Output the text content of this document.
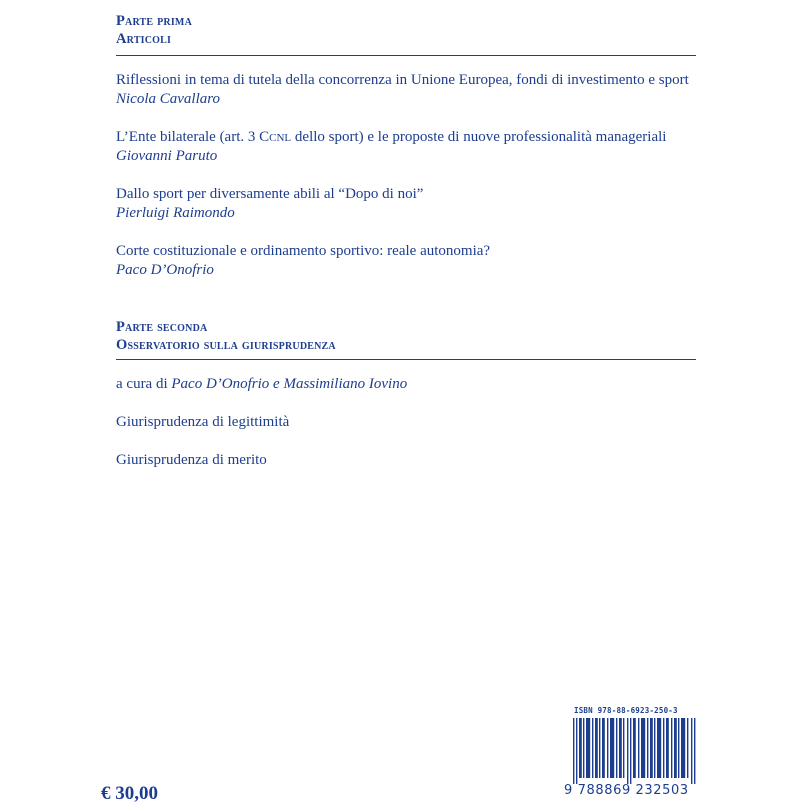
Parte prima
Articoli
Riflessioni in tema di tutela della concorrenza in Unione Europea, fondi di investimento e sport
Nicola Cavallaro
L’Ente bilaterale (art. 3 Ccnl dello sport) e le proposte di nuove professionalità manageriali
Giovanni Paruto
Dallo sport per diversamente abili al “Dopo di noi”
Pierluigi Raimondo
Corte costituzionale e ordinamento sportivo: reale autonomia?
Paco D’Onofrio
Parte seconda
Osservatorio sulla giurisprudenza
a cura di Paco D’Onofrio e Massimiliano Iovino
Giurisprudenza di legittimità
Giurisprudenza di merito
€ 30,00
ISBN 978-88-6923-250-3
9 788869 232503
